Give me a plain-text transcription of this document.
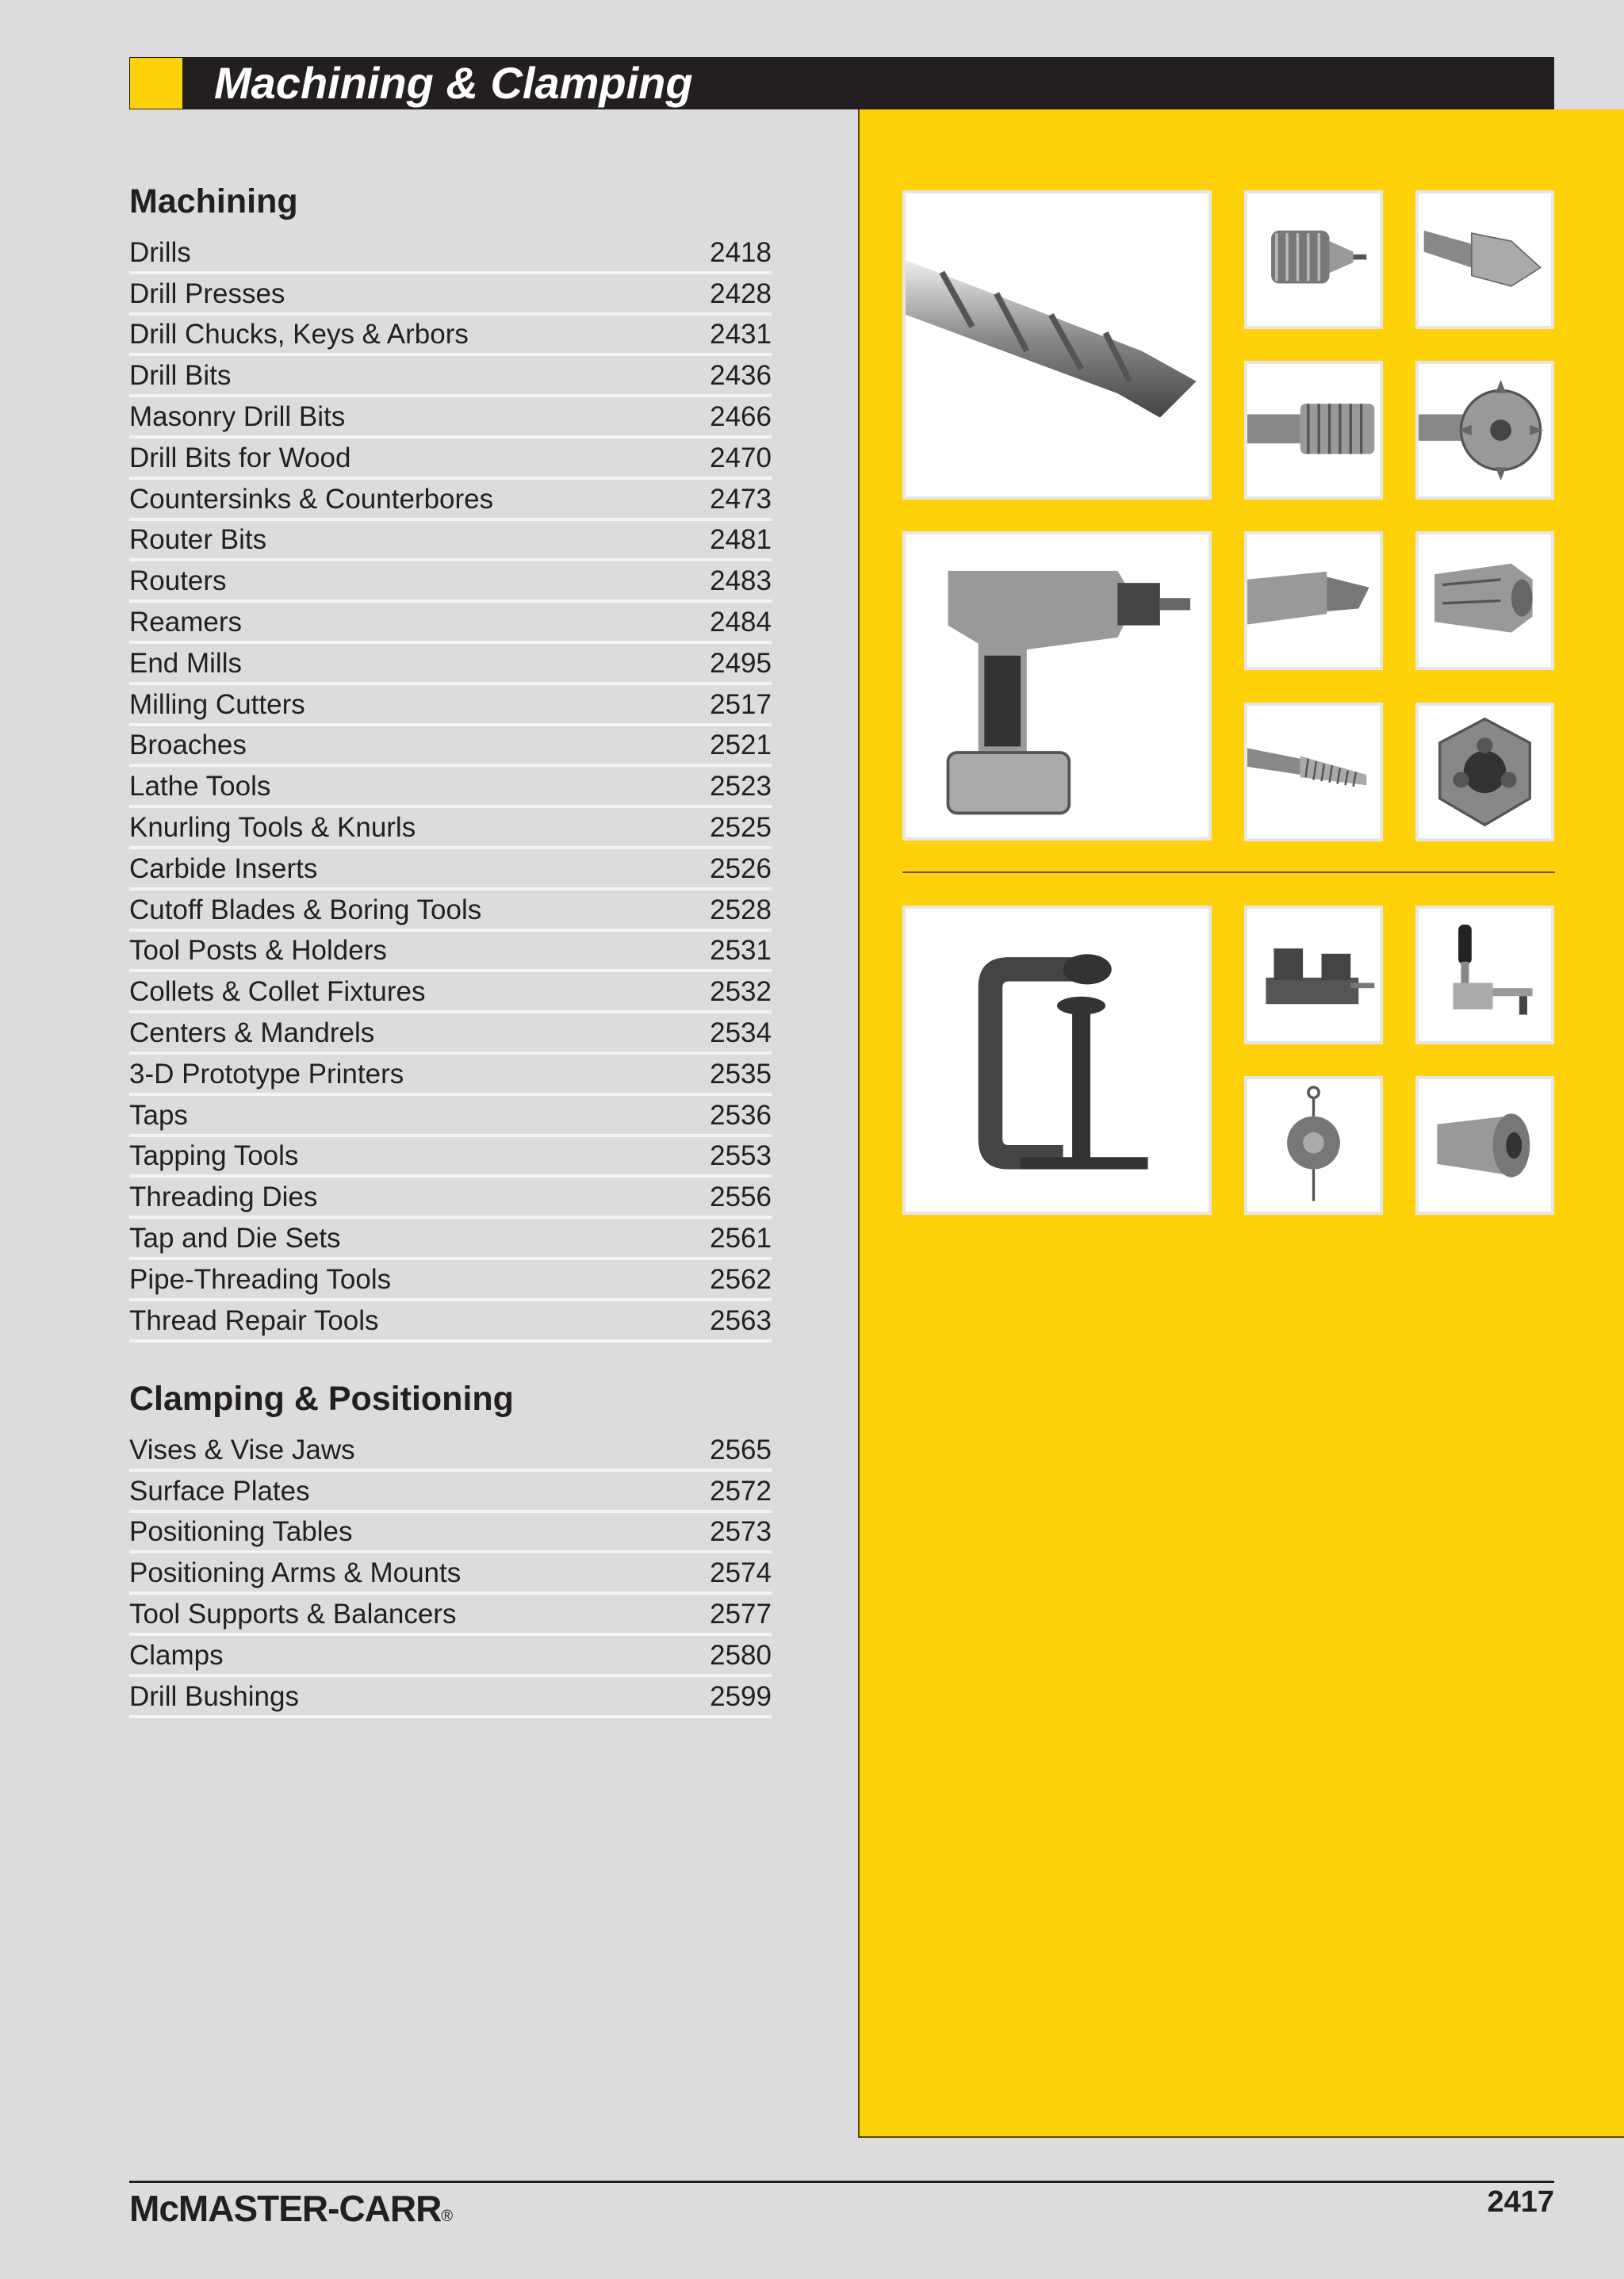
Machining & Clamping
Machining
Drills	2418
Drill Presses	2428
Drill Chucks, Keys & Arbors	2431
Drill Bits	2436
Masonry Drill Bits	2466
Drill Bits for Wood	2470
Countersinks & Counterbores	2473
Router Bits	2481
Routers	2483
Reamers	2484
End Mills	2495
Milling Cutters	2517
Broaches	2521
Lathe Tools	2523
Knurling Tools & Knurls	2525
Carbide Inserts	2526
Cutoff Blades & Boring Tools	2528
Tool Posts & Holders	2531
Collets & Collet Fixtures	2532
Centers & Mandrels	2534
3-D Prototype Printers	2535
Taps	2536
Tapping Tools	2553
Threading Dies	2556
Tap and Die Sets	2561
Pipe-Threading Tools	2562
Thread Repair Tools	2563
Clamping & Positioning
Vises & Vise Jaws	2565
Surface Plates	2572
Positioning Tables	2573
Positioning Arms & Mounts	2574
Tool Supports & Balancers	2577
Clamps	2580
Drill Bushings	2599
McMASTER-CARR®	2417
